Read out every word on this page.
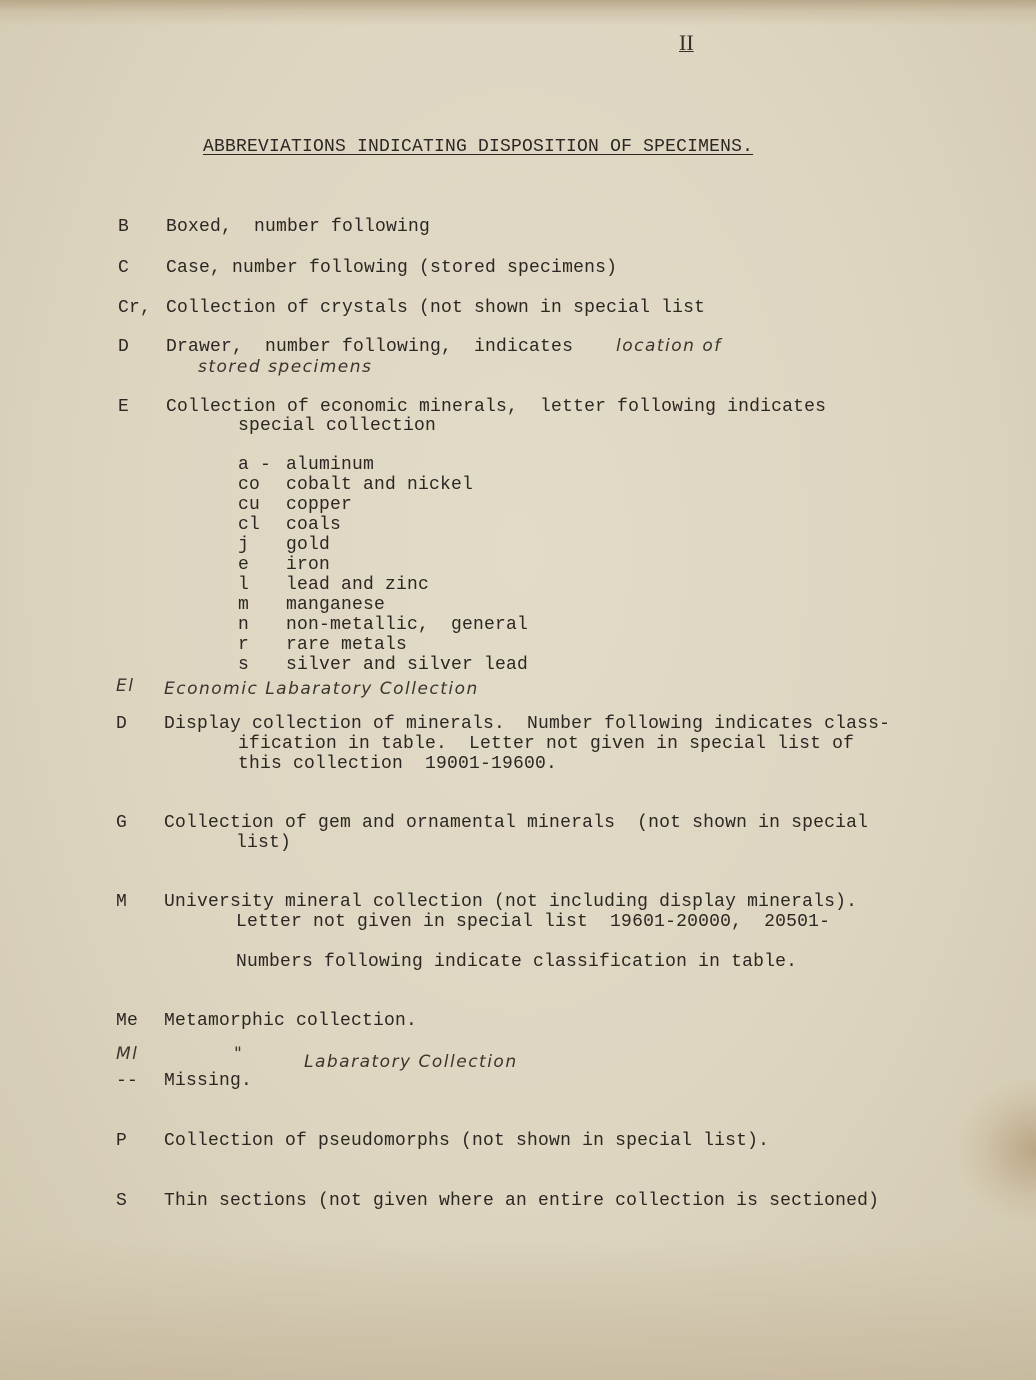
II
ABBREVIATIONS INDICATING DISPOSITION OF SPECIMENS.
B Boxed,  number following
C Case, number following (stored specimens)
Cr, Collection of crystals (not shown in special list
D Drawer,  number following,  indicates	location of
stored specimens
E Collection of economic minerals,  letter following indicates
special collection
a - aluminum
co cobalt and nickel
cu copper
cl coals
j gold
e iron
l lead and zinc
m manganese
n non-metallic,  general
r rare metals
s silver and silver lead
El Economic Labaratory Collection
D Display collection of minerals.  Number following indicates class-
ification in table.  Letter not given in special list of
this collection  19001-19600.
G Collection of gem and ornamental minerals  (not shown in special
list)
M University mineral collection (not including display minerals).
Letter not given in special list  19601-20000,  20501-
Numbers following indicate classification in table.
Me Metamorphic collection.
Ml	"	Labaratory Collection
-- Missing.
P Collection of pseudomorphs (not shown in special list).
S Thin sections (not given where an entire collection is sectioned)
